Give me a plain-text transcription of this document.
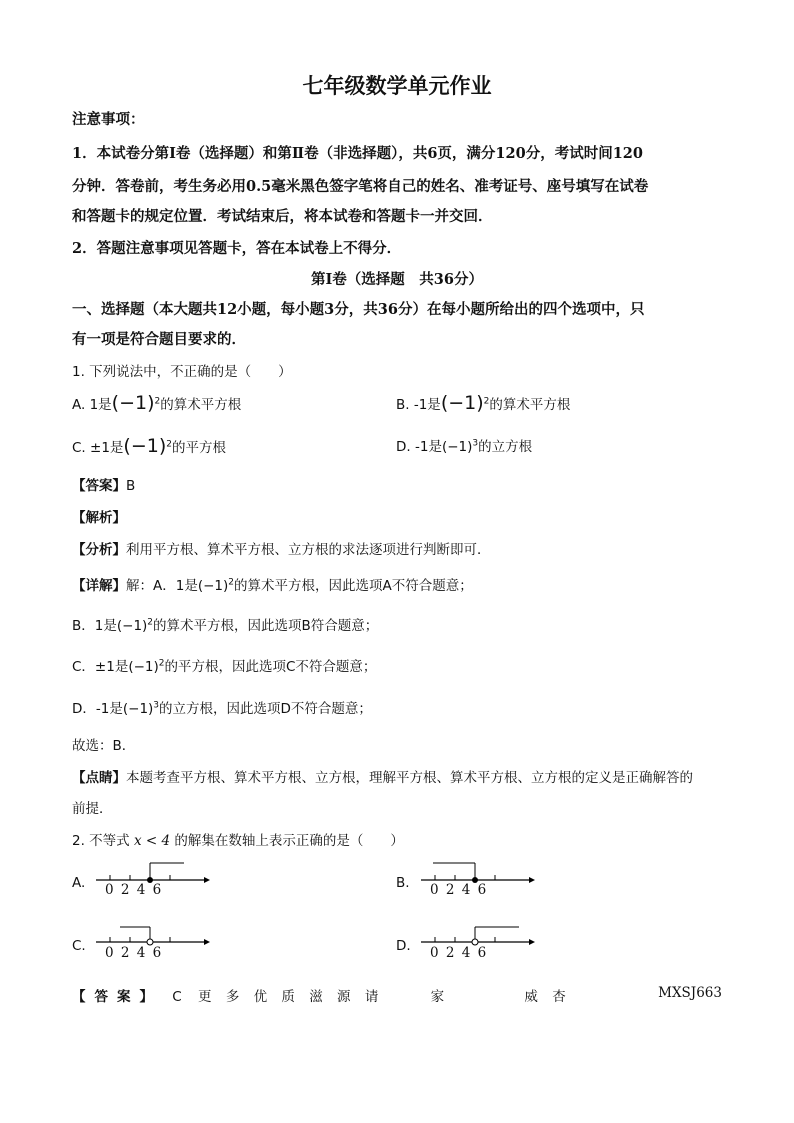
七年级数学单元作业
注意事项：
1．本试卷分第Ⅰ卷（选择题）和第Ⅱ卷（非选择题），共6页，满分120分，考试时间120
分钟．答卷前，考生务必用0.5毫米黑色签字笔将自己的姓名、准考证号、座号填写在试卷
和答题卡的规定位置．考试结束后，将本试卷和答题卡一并交回．
2．答题注意事项见答题卡，答在本试卷上不得分．
第Ⅰ卷（选择题　共36分）
一、选择题（本大题共12小题，每小题3分，共36分）在每小题所给出的四个选项中，只
有一项是符合题目要求的．
1. 下列说法中，不正确的是（　　）
A. 1是$(-1)^2$的算术平方根	B. -1是$(-1)^2$的算术平方根
C. ±1是$(-1)^2$的平方根	D. -1是$(-1)^3$的立方根
【答案】B
【解析】
【分析】利用平方根、算术平方根、立方根的求法逐项进行判断即可．
【详解】解：A．1是$(-1)^2$的算术平方根，因此选项A不符合题意；
B．1是$(-1)^2$的算术平方根，因此选项B符合题意；
C．±1是$(-1)^2$的平方根，因此选项C不符合题意；
D．-1是$(-1)^3$的立方根，因此选项D不符合题意；
故选：B．
【点睛】本题考查平方根、算术平方根、立方根，理解平方根、算术平方根、立方根的定义是正确解答的
前提．
2. 不等式 x < 4 的解集在数轴上表示正确的是（　　）
A. 0 2 4 6	B. 0 2 4 6
C. 0 2 4 6	D. 0 2 4 6
【答案】 C 更 多 优 质 滋 源 请	家	威 杏	MXSJ663
